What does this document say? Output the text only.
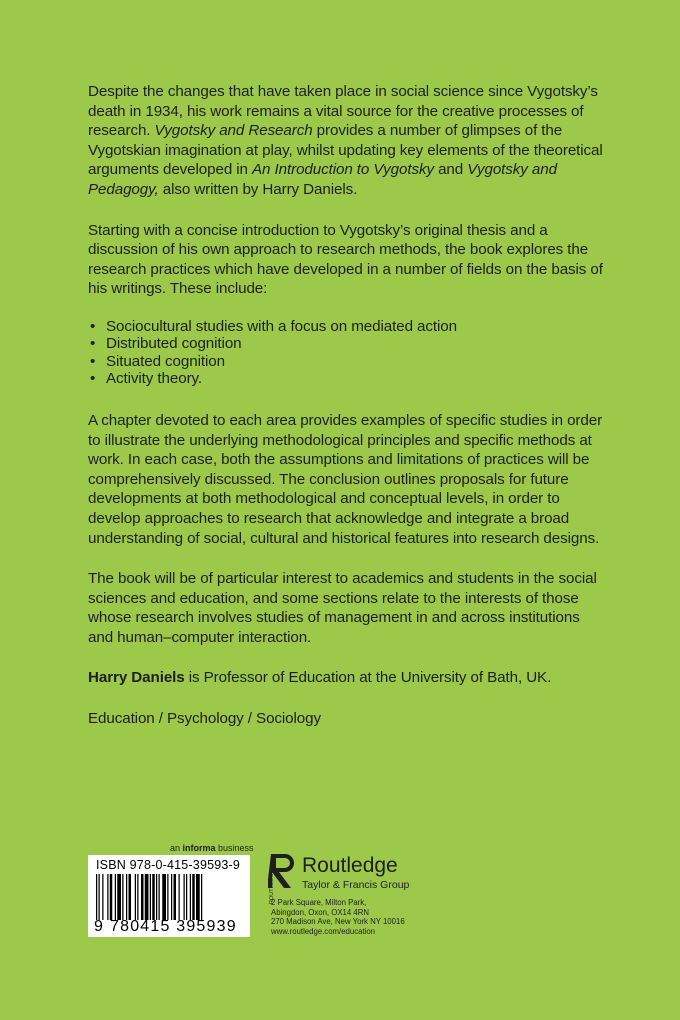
Despite the changes that have taken place in social science since Vygotsky’s death in 1934, his work remains a vital source for the creative processes of research. Vygotsky and Research provides a number of glimpses of the Vygotskian imagination at play, whilst updating key elements of the theoretical arguments developed in An Introduction to Vygotsky and Vygotsky and Pedagogy, also written by Harry Daniels.

Starting with a concise introduction to Vygotsky’s original thesis and a discussion of his own approach to research methods, the book explores the research practices which have developed in a number of fields on the basis of his writings. These include:

• Sociocultural studies with a focus on mediated action
• Distributed cognition
• Situated cognition
• Activity theory.

A chapter devoted to each area provides examples of specific studies in order to illustrate the underlying methodological principles and specific methods at work. In each case, both the assumptions and limitations of practices will be comprehensively discussed. The conclusion outlines proposals for future developments at both methodological and conceptual levels, in order to develop approaches to research that acknowledge and integrate a broad understanding of social, cultural and historical features into research designs.

The book will be of particular interest to academics and students in the social sciences and education, and some sections relate to the interests of those whose research involves studies of management in and across institutions and human–computer interaction.

Harry Daniels is Professor of Education at the University of Bath, UK.

Education / Psychology / Sociology

an informa business
ISBN 978-0-415-39593-9
9 780415 395939
ROUTLEDGE
Routledge
Taylor & Francis Group
2 Park Square, Milton Park,
Abingdon, Oxon, OX14 4RN
270 Madison Ave, New York NY 10016
www.routledge.com/education
